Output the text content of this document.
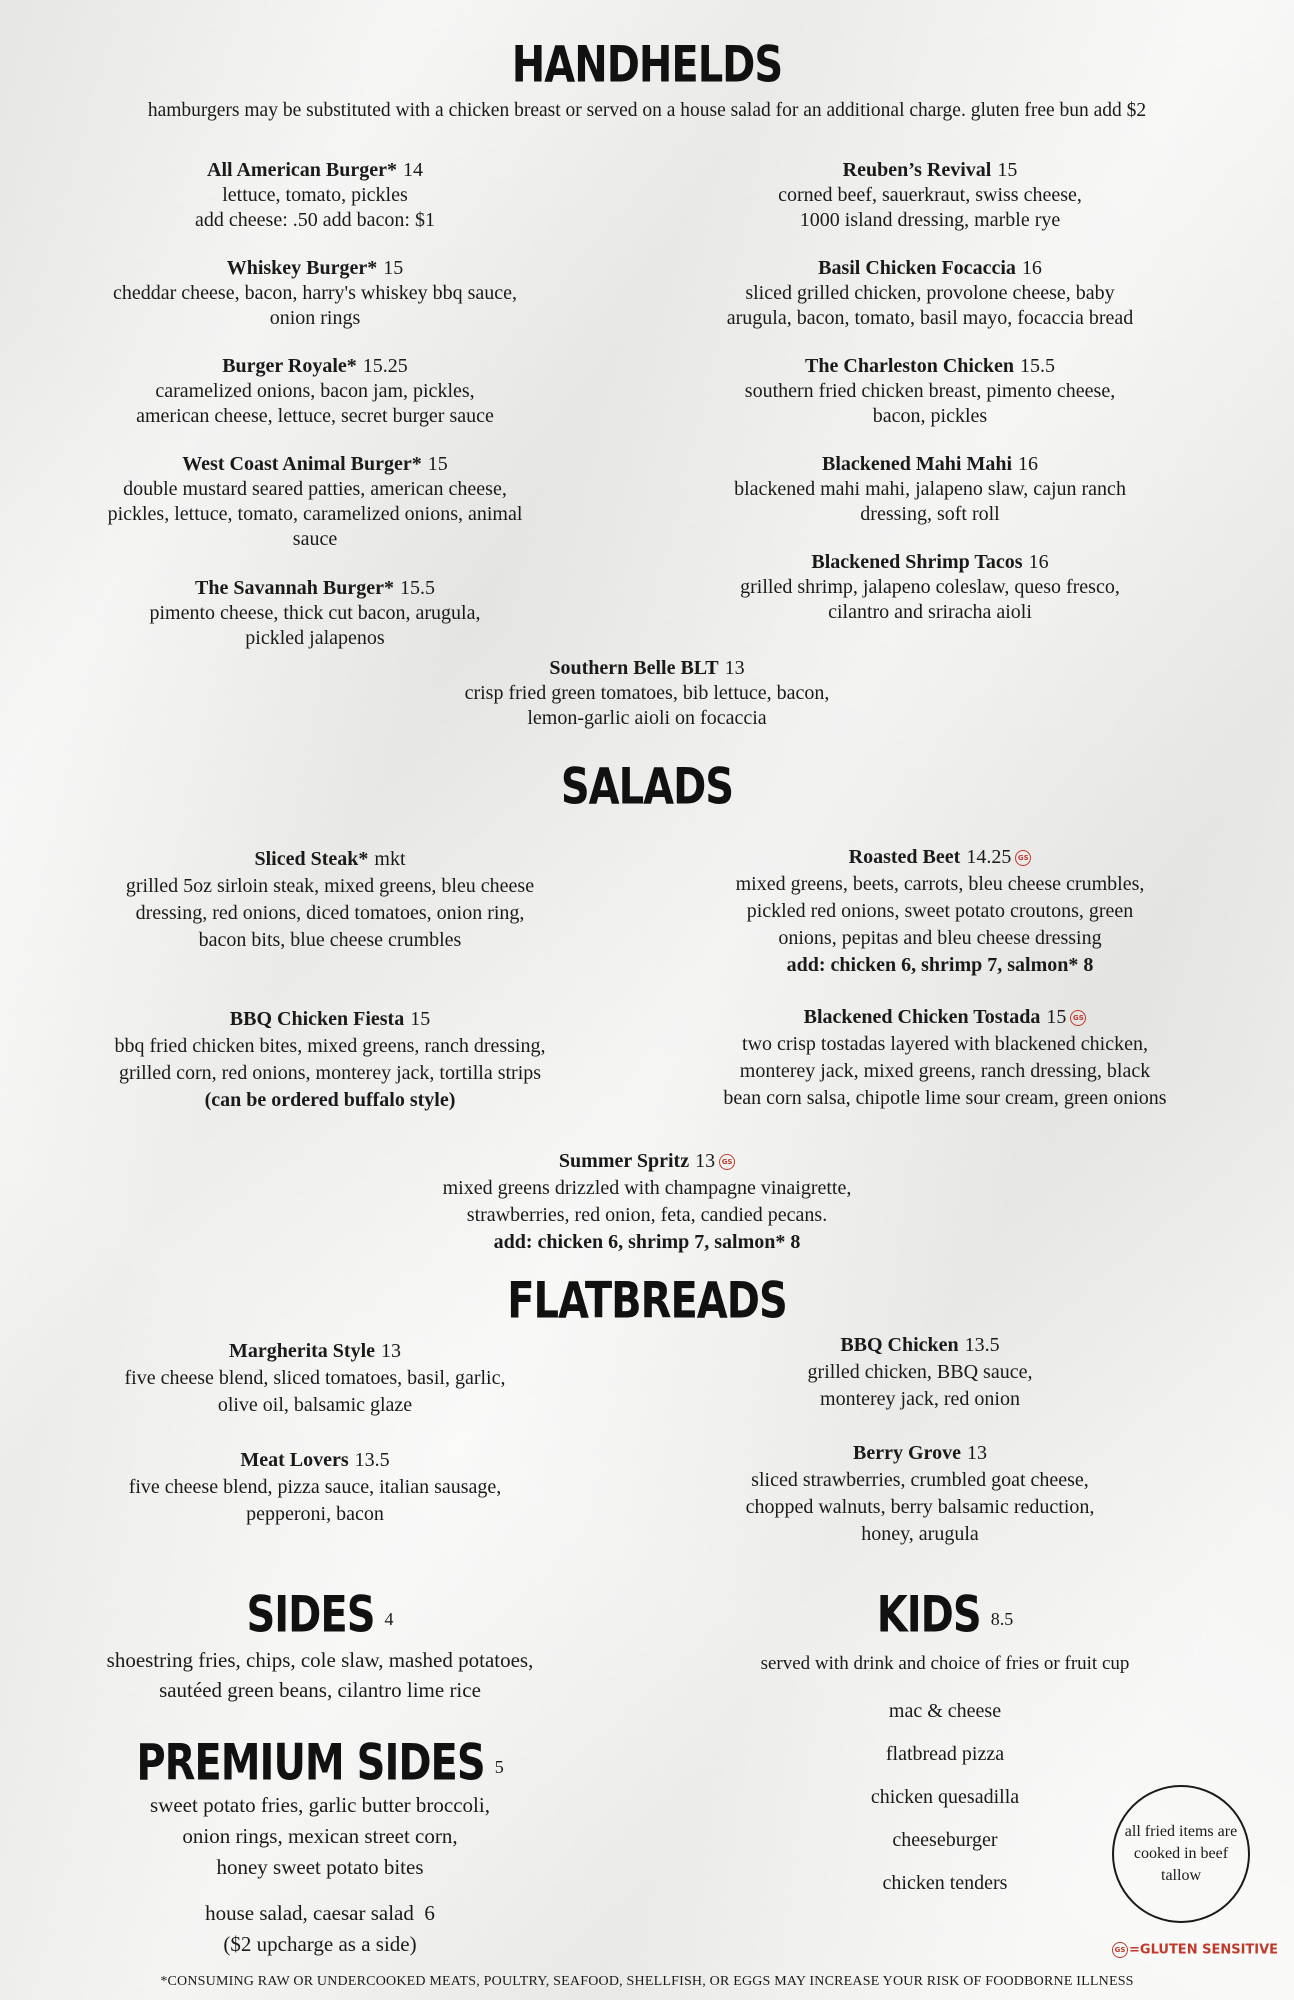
HANDHELDS
hamburgers may be substituted with a chicken breast or served on a house salad for an additional charge. gluten free bun add $2
All American Burger* 14
lettuce, tomato, pickles
add cheese: .50 add bacon: $1
Whiskey Burger* 15
cheddar cheese, bacon, harry's whiskey bbq sauce,
onion rings
Burger Royale* 15.25
caramelized onions, bacon jam, pickles,
american cheese, lettuce, secret burger sauce
West Coast Animal Burger* 15
double mustard seared patties, american cheese,
pickles, lettuce, tomato, caramelized onions, animal
sauce
The Savannah Burger* 15.5
pimento cheese, thick cut bacon, arugula,
pickled jalapenos
Reuben’s Revival 15
corned beef, sauerkraut, swiss cheese,
1000 island dressing, marble rye
Basil Chicken Focaccia 16
sliced grilled chicken, provolone cheese, baby
arugula, bacon, tomato, basil mayo, focaccia bread
The Charleston Chicken 15.5
southern fried chicken breast, pimento cheese,
bacon, pickles
Blackened Mahi Mahi 16
blackened mahi mahi, jalapeno slaw, cajun ranch
dressing, soft roll
Blackened Shrimp Tacos 16
grilled shrimp, jalapeno coleslaw, queso fresco,
cilantro and sriracha aioli
Southern Belle BLT 13
crisp fried green tomatoes, bib lettuce, bacon,
lemon-garlic aioli on focaccia
SALADS
Sliced Steak* mkt
grilled 5oz sirloin steak, mixed greens, bleu cheese
dressing, red onions, diced tomatoes, onion ring,
bacon bits, blue cheese crumbles
Roasted Beet 14.25 GS
mixed greens, beets, carrots, bleu cheese crumbles,
pickled red onions, sweet potato croutons, green
onions, pepitas and bleu cheese dressing
add: chicken 6, shrimp 7, salmon* 8
BBQ Chicken Fiesta 15
bbq fried chicken bites, mixed greens, ranch dressing,
grilled corn, red onions, monterey jack, tortilla strips
(can be ordered buffalo style)
Blackened Chicken Tostada 15 GS
two crisp tostadas layered with blackened chicken,
monterey jack, mixed greens, ranch dressing, black
bean corn salsa, chipotle lime sour cream, green onions
Summer Spritz 13 GS
mixed greens drizzled with champagne vinaigrette,
strawberries, red onion, feta, candied pecans.
add: chicken 6, shrimp 7, salmon* 8
FLATBREADS
Margherita Style 13
five cheese blend, sliced tomatoes, basil, garlic,
olive oil, balsamic glaze
BBQ Chicken 13.5
grilled chicken, BBQ sauce,
monterey jack, red onion
Meat Lovers 13.5
five cheese blend, pizza sauce, italian sausage,
pepperoni, bacon
Berry Grove 13
sliced strawberries, crumbled goat cheese,
chopped walnuts, berry balsamic reduction,
honey, arugula
SIDES 4
shoestring fries, chips, cole slaw, mashed potatoes,
sautéed green beans, cilantro lime rice
PREMIUM SIDES 5
sweet potato fries, garlic butter broccoli,
onion rings, mexican street corn,
honey sweet potato bites
house salad, caesar salad  6
($2 upcharge as a side)
KIDS 8.5
served with drink and choice of fries or fruit cup
mac & cheese
flatbread pizza
chicken quesadilla
cheeseburger
chicken tenders
all fried items are cooked in beef tallow
GS =GLUTEN SENSITIVE
*CONSUMING RAW OR UNDERCOOKED MEATS, POULTRY, SEAFOOD, SHELLFISH, OR EGGS MAY INCREASE YOUR RISK OF FOODBORNE ILLNESS
